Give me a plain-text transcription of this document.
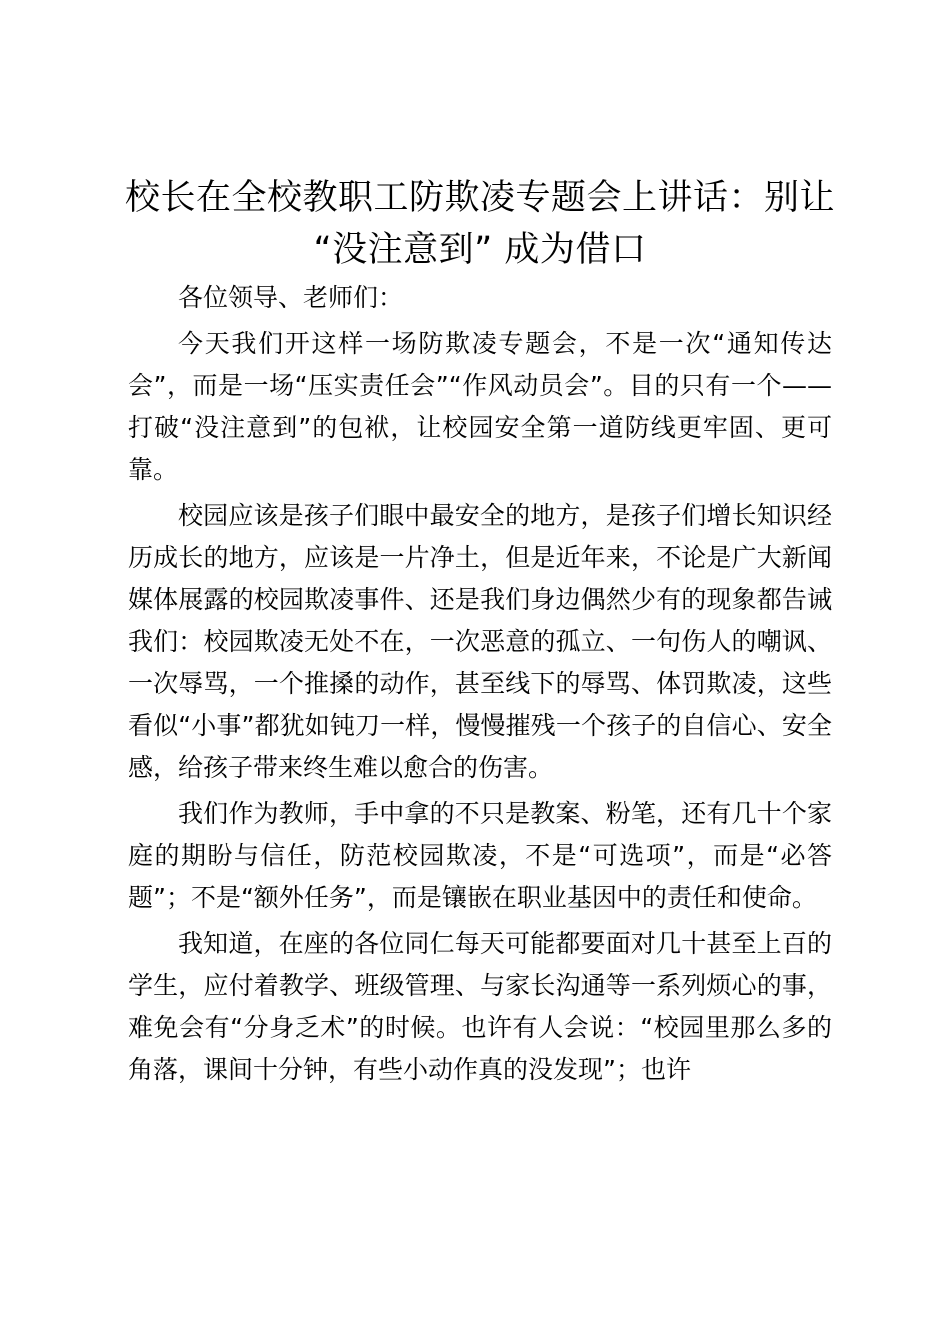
校长在全校教职工防欺凌专题会上讲话：别让
“没注意到” 成为借口

各位领导、老师们：

今天我们开这样一场防欺凌专题会，不是一次“通知传达会”，而是一场“压实责任会”“作风动员会”。目的只有一个——打破“没注意到”的包袱，让校园安全第一道防线更牢固、更可靠。

校园应该是孩子们眼中最安全的地方，是孩子们增长知识经历成长的地方，应该是一片净土，但是近年来，不论是广大新闻媒体展露的校园欺凌事件、还是我们身边偶然少有的现象都告诫我们：校园欺凌无处不在，一次恶意的孤立、一句伤人的嘲讽、一次辱骂，一个推搡的动作，甚至线下的辱骂、体罚欺凌，这些看似“小事”都犹如钝刀一样，慢慢摧残一个孩子的自信心、安全感，给孩子带来终生难以愈合的伤害。

我们作为教师，手中拿的不只是教案、粉笔，还有几十个家庭的期盼与信任，防范校园欺凌，不是“可选项”，而是“必答题”；不是“额外任务”，而是镶嵌在职业基因中的责任和使命。

我知道，在座的各位同仁每天可能都要面对几十甚至上百的学生，应付着教学、班级管理、与家长沟通等一系列烦心的事，难免会有“分身乏术”的时候。也许有人会说：“校园里那么多的角落，课间十分钟，有些小动作真的没发现”；也许
